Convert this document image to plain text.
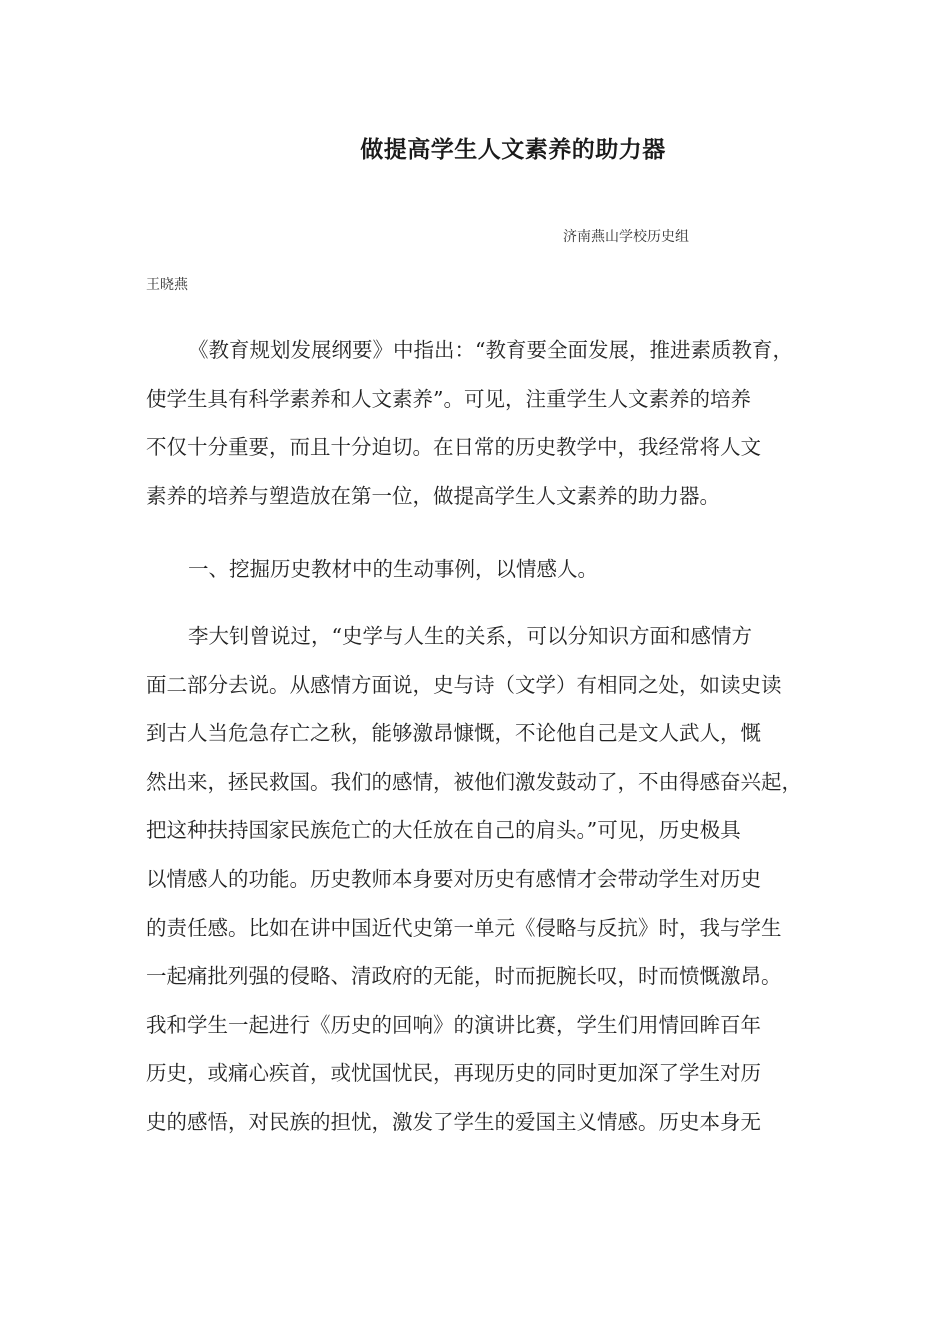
做提高学生人文素养的助力器
济南燕山学校历史组
王晓燕
《教育规划发展纲要》中指出：“教育要全面发展，推进素质教育，
使学生具有科学素养和人文素养”。可见，注重学生人文素养的培养
不仅十分重要，而且十分迫切。在日常的历史教学中，我经常将人文
素养的培养与塑造放在第一位，做提高学生人文素养的助力器。
一、挖掘历史教材中的生动事例，以情感人。
李大钊曾说过，“史学与人生的关系，可以分知识方面和感情方
面二部分去说。从感情方面说，史与诗（文学）有相同之处，如读史读
到古人当危急存亡之秋，能够激昂慷慨，不论他自己是文人武人，慨
然出来，拯民救国。我们的感情，被他们激发鼓动了，不由得感奋兴起，
把这种扶持国家民族危亡的大任放在自己的肩头。”可见，历史极具
以情感人的功能。历史教师本身要对历史有感情才会带动学生对历史
的责任感。比如在讲中国近代史第一单元《侵略与反抗》时，我与学生
一起痛批列强的侵略、清政府的无能，时而扼腕长叹，时而愤慨激昂。
我和学生一起进行《历史的回响》的演讲比赛，学生们用情回眸百年
历史，或痛心疾首，或忧国忧民，再现历史的同时更加深了学生对历
史的感悟，对民族的担忧，激发了学生的爱国主义情感。历史本身无
